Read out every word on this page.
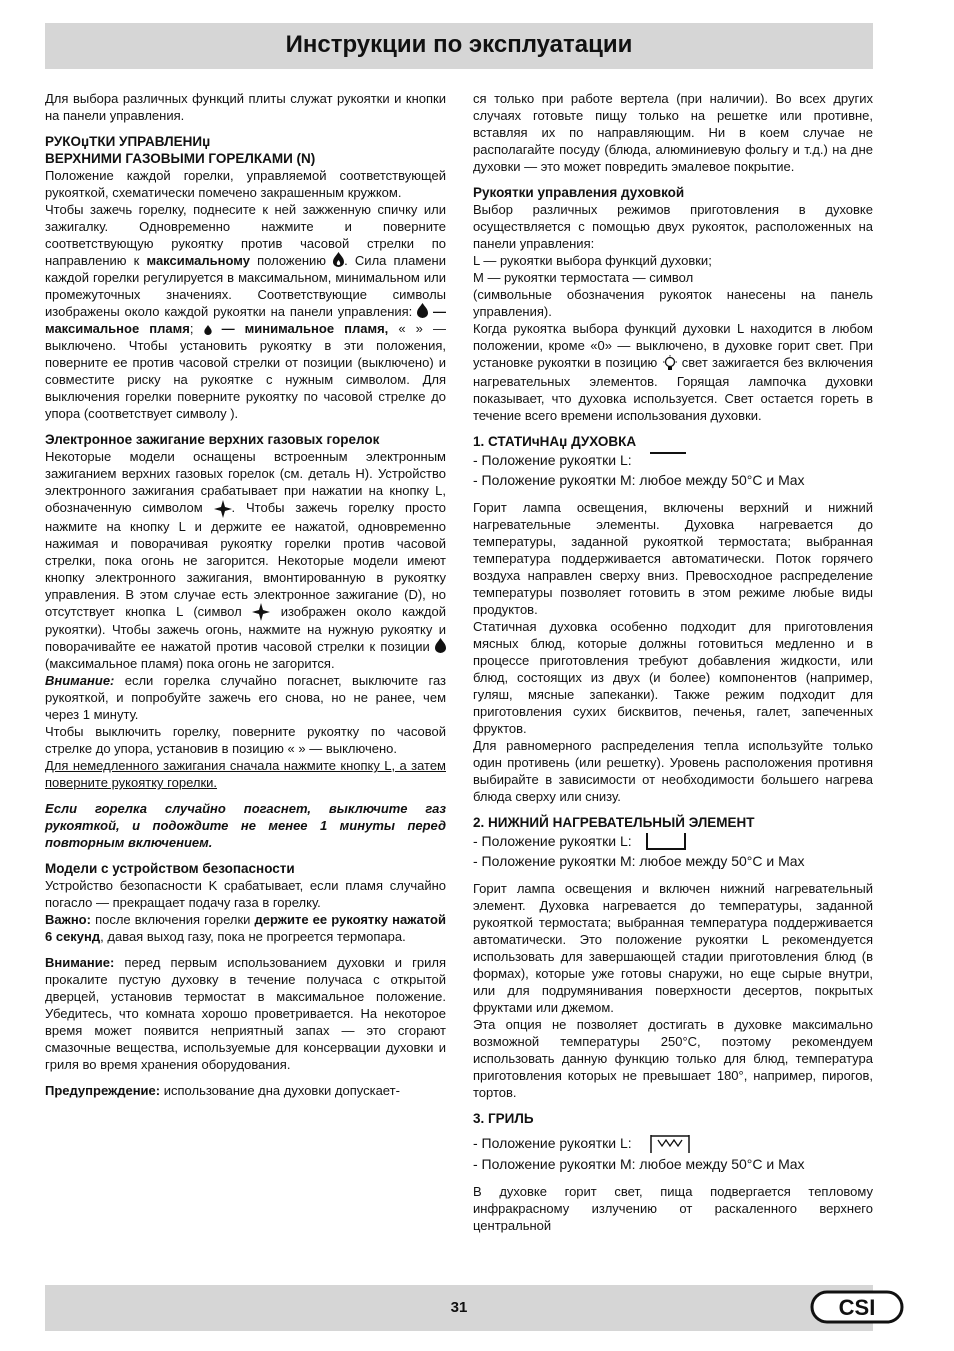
Инструкции по эксплуатации

Для выбора различных функций плиты служат рукоятки и кнопки на панели управления.

РУКОџТКИ УПРАВЛЕНИџ

ВЕРХНИМИ ГАЗОВЫМИ ГОРЕЛКАМИ (N)

Положение каждой горелки, управляемой соответствующей рукояткой, схематически помечено закрашенным кружком.

Чтобы зажечь горелку, поднесите к ней зажженную спичку или зажигалку. Одновременно нажмите и поверните соответствующую рукоятку против часовой стрелки по направлению к максимальному положению . Сила пламени каждой горелки регулируется в максимальном, минимальном или промежуточных значениях. Соответствующие символы изображены около каждой рукоятки на панели управления: — максимальное пламя;  — минимальное пламя, « » — выключено. Чтобы установить рукоятку в эти положения, поверните ее против часовой стрелки от позиции (выключено) и совместите риску на рукоятке с нужным символом. Для выключения горелки поверните рукоятку по часовой стрелке до упора (соответствует символу ).

Электронное зажигание верхних газовых горелок

Некоторые модели оснащены встроенным электронным зажиганием верхних газовых горелок (см. деталь H). Устройство электронного зажигания срабатывает при нажатии на кнопку L, обозначенную символом . Чтобы зажечь горелку просто нажмите на кнопку L и держите ее нажатой, одновременно нажимая и поворачивая рукоятку горелки против часовой стрелки, пока огонь не загорится. Некоторые модели имеют кнопку электронного зажигания, вмонтированную в рукоятку управления. В этом случае есть электронное зажигание (D), но отсутствует кнопка L (символ	изображен около каждой рукоятки). Чтобы зажечь огонь, нажмите на нужную рукоятку и поворачивайте ее нажатой против часовой стрелки к позиции  (максимальное пламя) пока огонь не загорится.

Внимание: если горелка случайно погаснет, выключите газ рукояткой, и попробуйте зажечь его снова, но не ранее, чем через 1 минуту.

Чтобы выключить горелку, поверните рукоятку по часовой стрелке до упора, установив в позицию « » — выключено.

Для немедленного зажигания сначала нажмите кнопку L, а затем поверните рукоятку горелки.

Если горелка случайно погаснет, выключите газ рукояткой, и подождите не менее 1 минуты перед повторным включением.

Модели с устройством безопасности

Устройство безопасности K срабатывает, если пламя случайно погасло — прекращает подачу газа в горелку.

Важно: после включения горелки держите ее рукоятку нажатой 6 секунд, давая выход газу, пока не прогреется термопара.

Внимание: перед первым использованием духовки и гриля прокалите пустую духовку в течение получаса с открытой дверцей, установив термостат в максимальное положение. Убедитесь, что комната хорошо проветривается. На некоторое время может появится неприятный запах — это сгорают смазочные вещества, используемые для консервации духовки и гриля во время хранения оборудования.

Предупреждение: использование дна духовки допускает-

ся только при работе вертела (при наличии). Во всех других случаях готовьте пищу только на решетке или противне, вставляя их по направляющим. Ни в коем случае не располагайте посуду (блюда, алюминиевую фольгу и т.д.) на дне духовки — это может повредить эмалевое покрытие.

Рукоятки управления духовкой

Выбор различных режимов приготовления в духовке осуществляется с помощью двух рукояток, расположенных на панели управления:

L — рукоятки выбора функций духовки;

M — рукоятки термостата — символ

(символьные обозначения рукояток нанесены на панель управления).

Когда рукоятка выбора функций духовки L находится в любом положении, кроме «0» — выключено, в духовке горит свет. При установке рукоятки в позицию свет зажигается без включения нагревательных элементов. Горящая лампочка духовки показывает, что духовка используется. Свет остается гореть в течение всего времени использования духовки.

1. СТАТИчНАџ ДУХОВКА

- Положение рукоятки L:

- Положение рукоятки M: любое между 50°C и Max

Горит лампа освещения, включены верхний и нижний нагревательные элементы. Духовка нагревается до температуры, заданной рукояткой термостата; выбранная температура поддерживается автоматически. Поток горячего воздуха направлен сверху вниз. Превосходное распределение температуры позволяет готовить в этом режиме любые виды продуктов.

Статичная духовка особенно подходит для приготовления мясных блюд, которые должны готовиться медленно и в процессе приготовления требуют добавления жидкости, или блюд, состоящих из двух (и более) компонентов (например, гуляш, мясные запеканки). Также режим подходит для приготовления сухих бисквитов, печенья, галет, запеченных фруктов.

Для равномерного распределения тепла используйте только один противень (или решетку). Уровень расположения противня выбирайте в зависимости от необходимости большего нагрева блюда сверху или снизу.

2. НИЖНИЙ НАГРЕВАТЕЛЬНЫЙ ЭЛЕМЕНТ

- Положение рукоятки L:

- Положение рукоятки M: любое между 50°C и Max

Горит лампа освещения и включен нижний нагревательный элемент. Духовка нагревается до температуры, заданной рукояткой термостата; выбранная температура поддерживается автоматически. Это положение рукоятки L рекомендуется использовать для завершающей стадии приготовления блюд (в формах), которые уже готовы снаружи, но еще сырые внутри, или для подрумянивания поверхности десертов, покрытых фруктами или джемом.

Эта опция не позволяет достигать в духовке максимально возможной температуры 250°C, поэтому рекомендуем использовать данную функцию только для блюд, температура приготовления которых не превышает 180°, например, пирогов, тортов.

3. ГРИЛЬ

- Положение рукоятки L:

- Положение рукоятки M: любое между 50°C и Max

В духовке горит свет, пища подвергается тепловому инфракрасному излучению от раскаленного верхнего центральной

31	CSI
